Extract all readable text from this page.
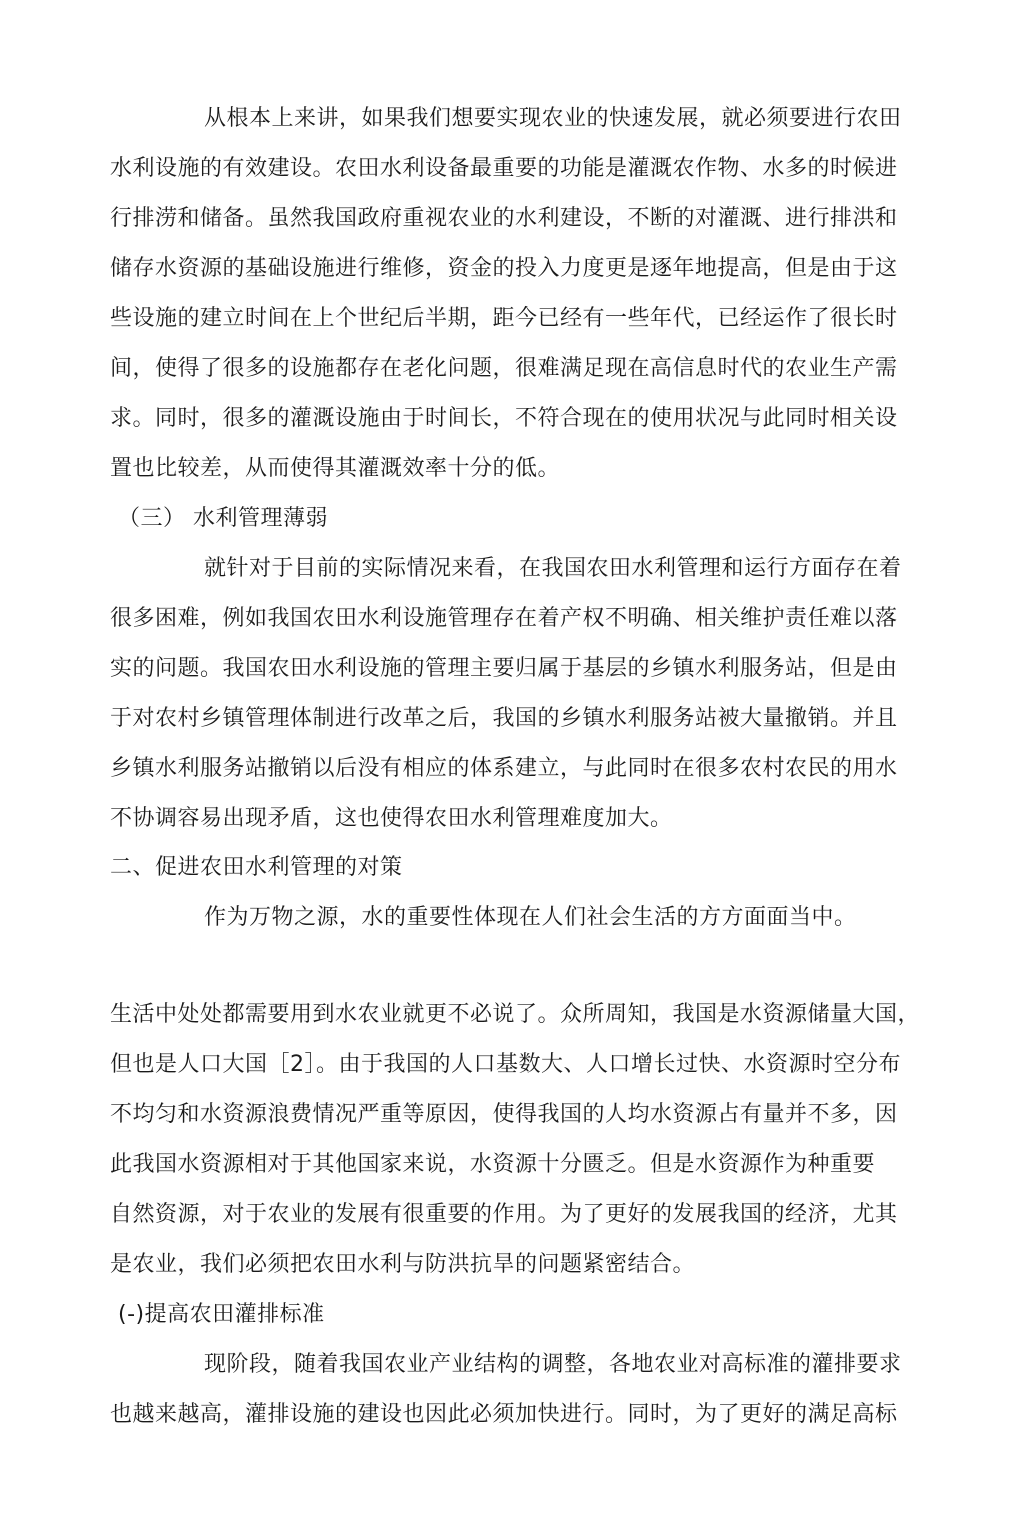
从根本上来讲，如果我们想要实现农业的快速发展，就必须要进行农田
水利设施的有效建设。农田水利设备最重要的功能是灌溉农作物、水多的时候进
行排涝和储备。虽然我国政府重视农业的水利建设，不断的对灌溉、进行排洪和
储存水资源的基础设施进行维修，资金的投入力度更是逐年地提高，但是由于这
些设施的建立时间在上个世纪后半期，距今已经有一些年代，已经运作了很长时
间，使得了很多的设施都存在老化问题，很难满足现在高信息时代的农业生产需
求。同时，很多的灌溉设施由于时间长，不符合现在的使用状况与此同时相关设
置也比较差，从而使得其灌溉效率十分的低。
（三） 水利管理薄弱
就针对于目前的实际情况来看，在我国农田水利管理和运行方面存在着
很多困难，例如我国农田水利设施管理存在着产权不明确、相关维护责任难以落
实的问题。我国农田水利设施的管理主要归属于基层的乡镇水利服务站，但是由
于对农村乡镇管理体制进行改革之后，我国的乡镇水利服务站被大量撤销。并且
乡镇水利服务站撤销以后没有相应的体系建立，与此同时在很多农村农民的用水
不协调容易出现矛盾，这也使得农田水利管理难度加大。
二、促进农田水利管理的对策
作为万物之源，水的重要性体现在人们社会生活的方方面面当中。
生活中处处都需要用到水农业就更不必说了。众所周知，我国是水资源储量大国，
但也是人口大国［2］。由于我国的人口基数大、人口增长过快、水资源时空分布
不均匀和水资源浪费情况严重等原因，使得我国的人均水资源占有量并不多，因
此我国水资源相对于其他国家来说，水资源十分匮乏。但是水资源作为种重要
自然资源，对于农业的发展有很重要的作用。为了更好的发展我国的经济，尤其
是农业，我们必须把农田水利与防洪抗旱的问题紧密结合。
(-)提高农田灌排标准
现阶段，随着我国农业产业结构的调整，各地农业对高标准的灌排要求
也越来越高，灌排设施的建设也因此必须加快进行。同时，为了更好的满足高标
